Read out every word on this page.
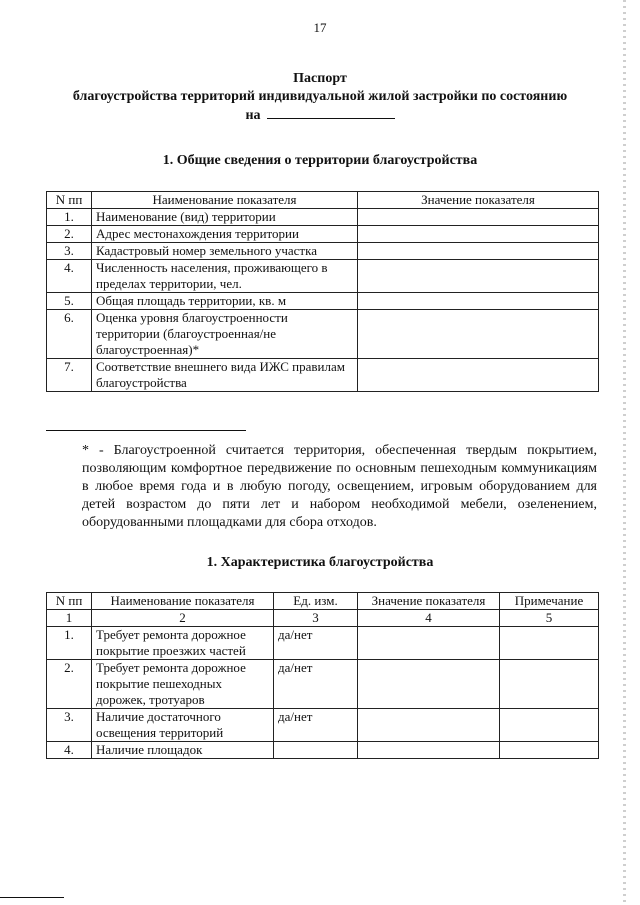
17
Паспорт
благоустройства территорий индивидуальной жилой застройки по состоянию
на
1. Общие сведения о территории благоустройства
N пп	Наименование показателя	Значение показателя
1.	Наименование (вид) территории	
2.	Адрес местонахождения территории	
3.	Кадастровый номер земельного участка	
4.	Численность населения, проживающего в пределах территории, чел.	
5.	Общая площадь территории, кв. м	
6.	Оценка уровня благоустроенности территории (благоустроенная/не благоустроенная)*	
7.	Соответствие внешнего вида ИЖС правилам благоустройства	
* - Благоустроенной считается территория, обеспеченная твердым покрытием, позволяющим комфортное передвижение по основным пешеходным коммуникациям в любое время года и в любую погоду, освещением, игровым оборудованием для детей возрастом до пяти лет и набором необходимой мебели, озеленением, оборудованными площадками для сбора отходов.
1. Характеристика благоустройства
N пп	Наименование показателя	Ед. изм.	Значение показателя	Примечание
1	2	3	4	5
1.	Требует ремонта дорожное покрытие проезжих частей	да/нет		
2.	Требует ремонта дорожное покрытие пешеходных дорожек, тротуаров	да/нет		
3.	Наличие достаточного освещения территорий	да/нет		
4.	Наличие площадок			
